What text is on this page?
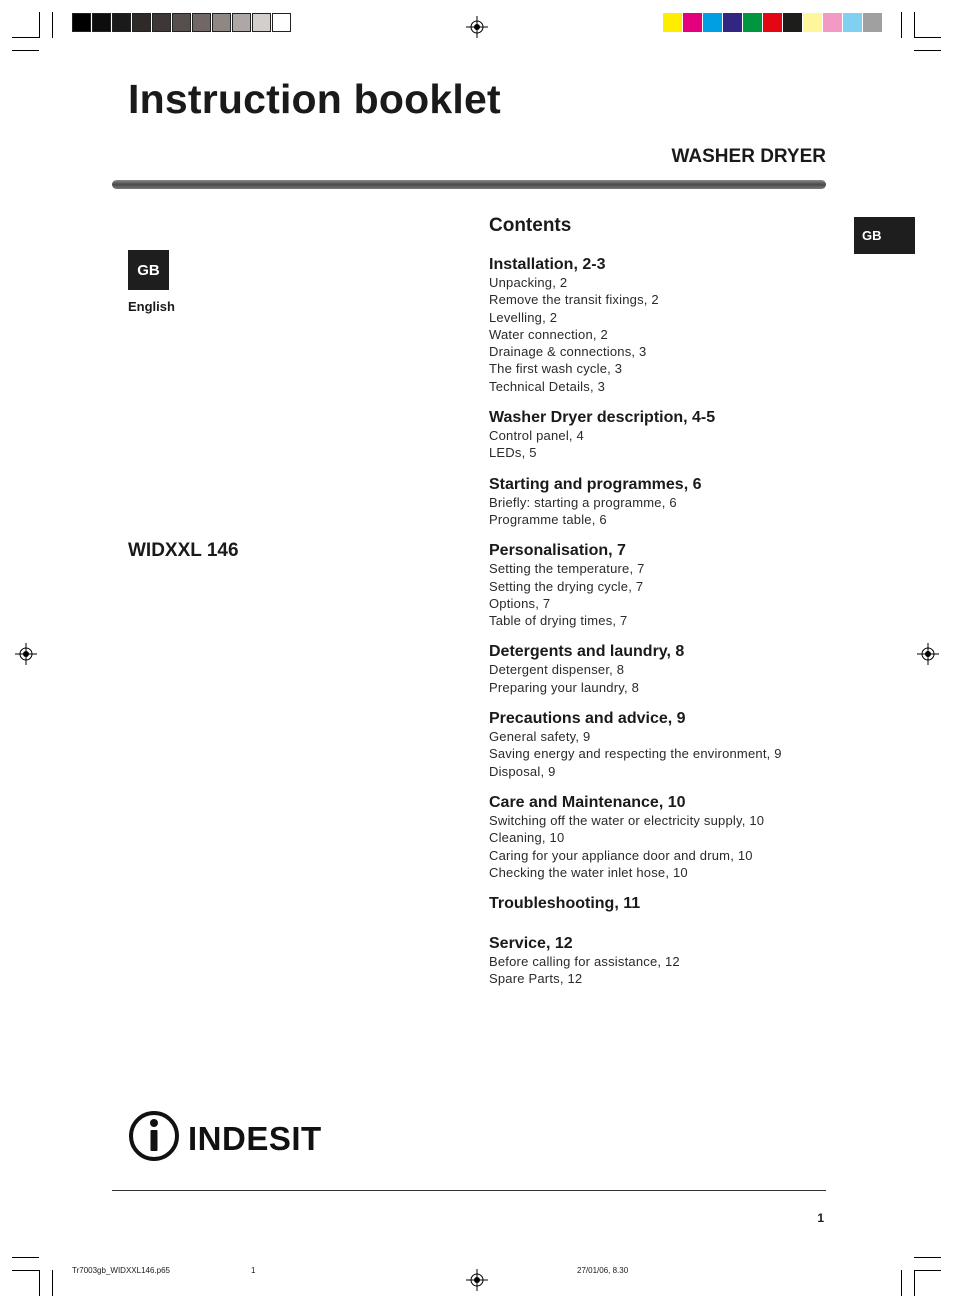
Instruction booklet
WASHER DRYER
GB
English
WIDXXL 146
GB
Contents
Installation, 2-3
Unpacking, 2
Remove the transit fixings, 2
Levelling, 2
Water connection, 2
Drainage & connections, 3
The first wash cycle, 3
Technical Details, 3
Washer Dryer description, 4-5
Control panel, 4
LEDs, 5
Starting and programmes, 6
Briefly: starting a programme, 6
Programme table, 6
Personalisation, 7
Setting the temperature, 7
Setting the drying cycle, 7
Options, 7
Table of drying times, 7
Detergents and laundry, 8
Detergent dispenser, 8
Preparing your laundry, 8
Precautions and advice, 9
General safety, 9
Saving energy and respecting the environment, 9
Disposal, 9
Care and Maintenance, 10
Switching off the water or electricity supply, 10
Cleaning, 10
Caring for your appliance door and drum, 10
Checking the water inlet hose, 10
Troubleshooting, 11
Service, 12
Before calling for assistance, 12
Spare Parts, 12
INDESIT
1
Tr7003gb_WIDXXL146.p65	1	27/01/06, 8.30
